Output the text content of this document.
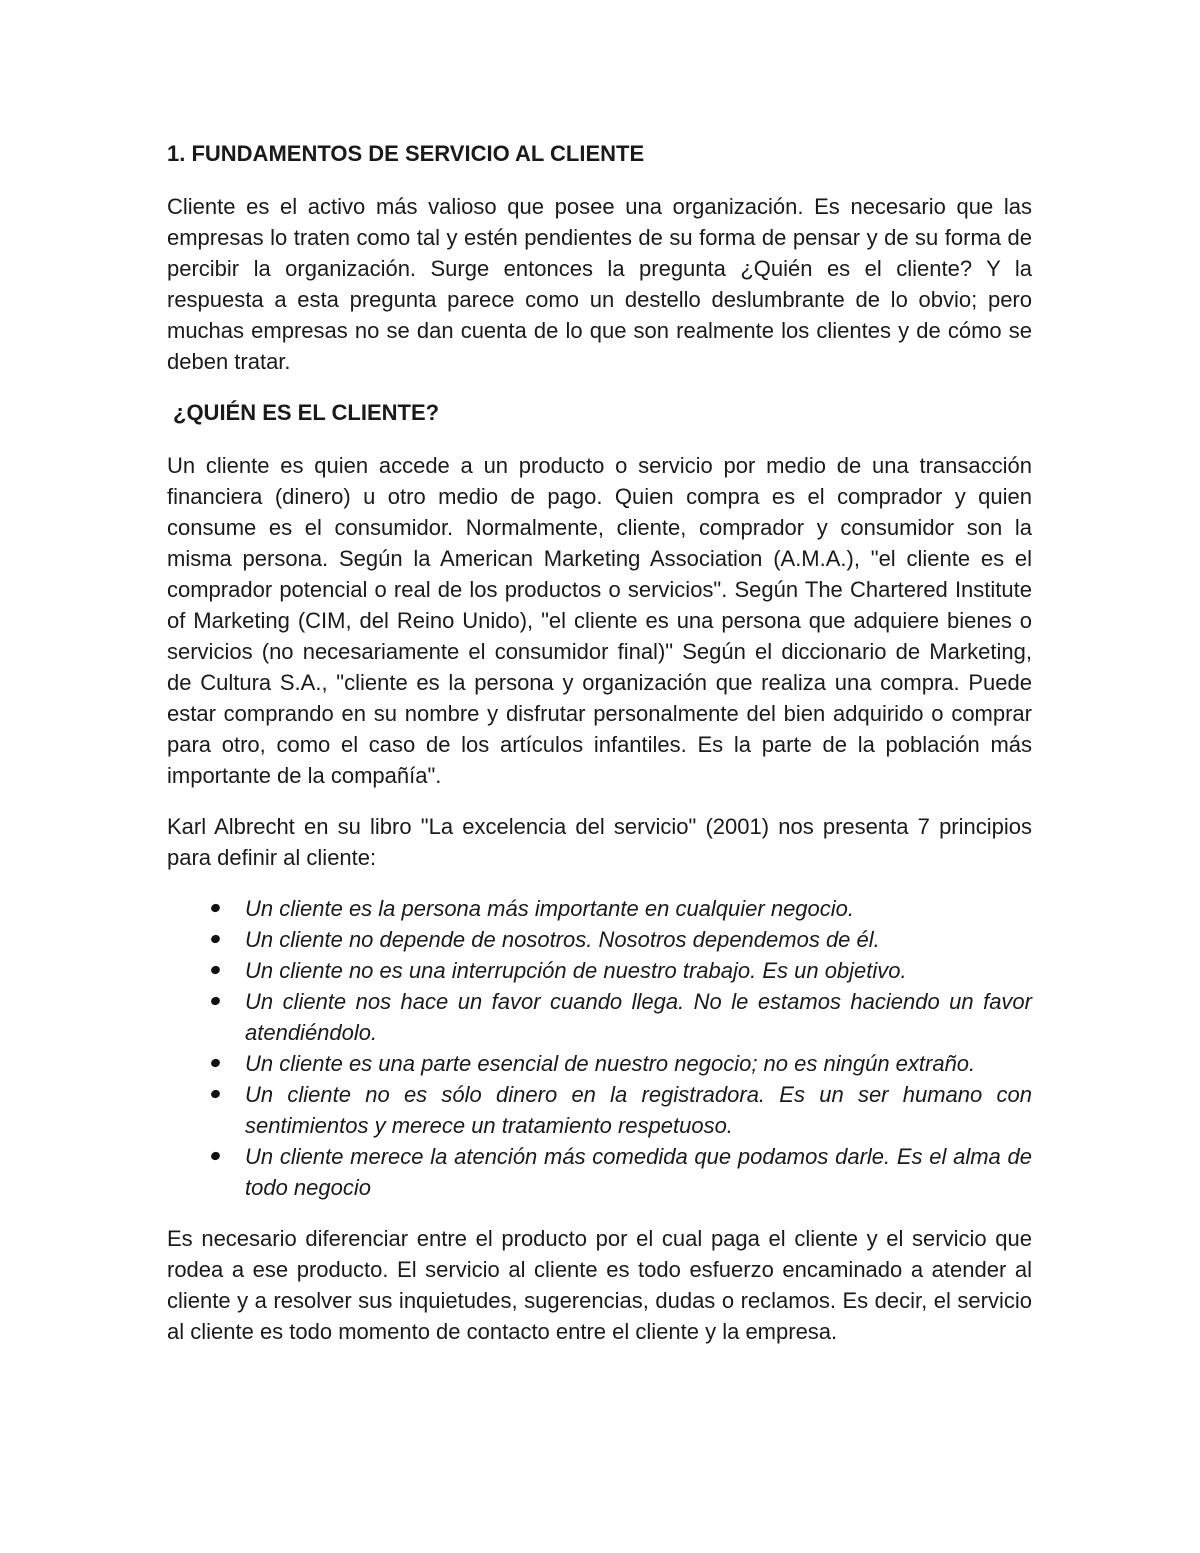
1. FUNDAMENTOS DE SERVICIO AL CLIENTE

Cliente es el activo más valioso que posee una organización. Es necesario que las empresas lo traten como tal y estén pendientes de su forma de pensar y de su forma de percibir la organización. Surge entonces la pregunta ¿Quién es el cliente? Y la respuesta a esta pregunta parece como un destello deslumbrante de lo obvio; pero muchas empresas no se dan cuenta de lo que son realmente los clientes y de cómo se deben tratar.

¿QUIÉN ES EL CLIENTE?

Un cliente es quien accede a un producto o servicio por medio de una transacción financiera (dinero) u otro medio de pago. Quien compra es el comprador y quien consume es el consumidor. Normalmente, cliente, comprador y consumidor son la misma persona. Según la American Marketing Association (A.M.A.), "el cliente es el comprador potencial o real de los productos o servicios". Según The Chartered Institute of Marketing (CIM, del Reino Unido), "el cliente es una persona que adquiere bienes o servicios (no necesariamente el consumidor final)" Según el diccionario de Marketing, de Cultura S.A., "cliente es la persona y organización que realiza una compra. Puede estar comprando en su nombre y disfrutar personalmente del bien adquirido o comprar para otro, como el caso de los artículos infantiles. Es la parte de la población más importante de la compañía".

Karl Albrecht en su libro "La excelencia del servicio" (2001) nos presenta 7 principios para definir al cliente:

Un cliente es la persona más importante en cualquier negocio.
Un cliente no depende de nosotros. Nosotros dependemos de él.
Un cliente no es una interrupción de nuestro trabajo. Es un objetivo.
Un cliente nos hace un favor cuando llega. No le estamos haciendo un favor atendiéndolo.
Un cliente es una parte esencial de nuestro negocio; no es ningún extraño.
Un cliente no es sólo dinero en la registradora. Es un ser humano con sentimientos y merece un tratamiento respetuoso.
Un cliente merece la atención más comedida que podamos darle. Es el alma de todo negocio

Es necesario diferenciar entre el producto por el cual paga el cliente y el servicio que rodea a ese producto. El servicio al cliente es todo esfuerzo encaminado a atender al cliente y a resolver sus inquietudes, sugerencias, dudas o reclamos. Es decir, el servicio al cliente es todo momento de contacto entre el cliente y la empresa.
